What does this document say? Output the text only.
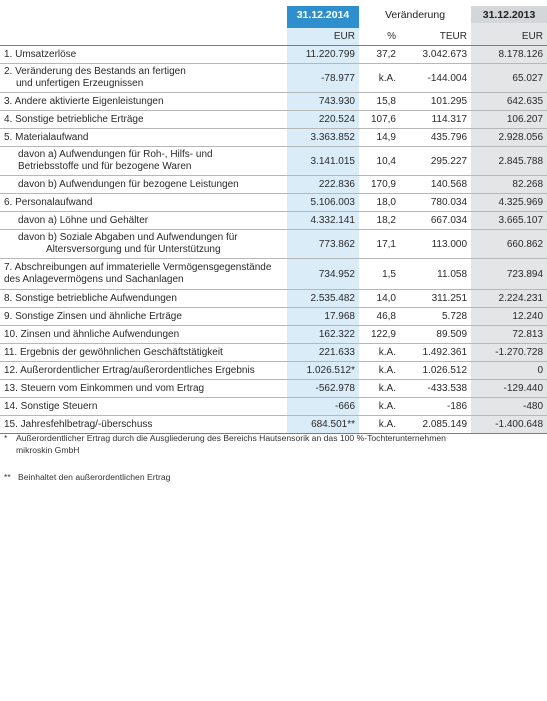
	31.12.2014	Veränderung		31.12.2013

	EUR	%	TEUR	EUR

1. Umsatzerlöse	11.220.799	37,2	3.042.673	8.178.126

2. Veränderung des Bestands an fertigen
und unfertigen Erzeugnissen	-78.977	k.A.	-144.004	65.027

3. Andere aktivierte Eigenleistungen	743.930	15,8	101.295	642.635

4. Sonstige betriebliche Erträge	220.524	107,6	114.317	106.207

5. Materialaufwand	3.363.852	14,9	435.796	2.928.056

davon a) Aufwendungen für Roh-, Hilfs- und
Betriebsstoffe und für bezogene Waren	3.141.015	10,4	295.227	2.845.788

davon b) Aufwendungen für bezogene Leistungen	222.836	170,9	140.568	82.268

6. Personalaufwand	5.106.003	18,0	780.034	4.325.969

davon a) Löhne und Gehälter	4.332.141	18,2	667.034	3.665.107

davon b) Soziale Abgaben und Aufwendungen für
Altersversorgung und für Unterstützung	773.862	17,1	113.000	660.862

7. Abschreibungen auf immaterielle Vermögensgegenstände
des Anlagevermögens und Sachanlagen	734.952	1,5	11.058	723.894

8. Sonstige betriebliche Aufwendungen	2.535.482	14,0	311.251	2.224.231

9. Sonstige Zinsen und ähnliche Erträge	17.968	46,8	5.728	12.240

10. Zinsen und ähnliche Aufwendungen	162.322	122,9	89.509	72.813

11. Ergebnis der gewöhnlichen Geschäftstätigkeit	221.633	k.A.	1.492.361	-1.270.728

12. Außerordentlicher Ertrag/außerordentliches Ergebnis	1.026.512*	k.A.	1.026.512	0

13. Steuern vom Einkommen und vom Ertrag	-562.978	k.A.	-433.538	-129.440

14. Sonstige Steuern	-666	k.A.	-186	-480

15. Jahresfehlbetrag/-überschuss	684.501**	k.A.	2.085.149	-1.400.648
*	Außerordentlicher Ertrag durch die Ausgliederung des Bereichs Hautsensorik an das 100 %-Tochterunternehmen
mikroskin GmbH
** Beinhaltet den außerordentlichen Ertrag
